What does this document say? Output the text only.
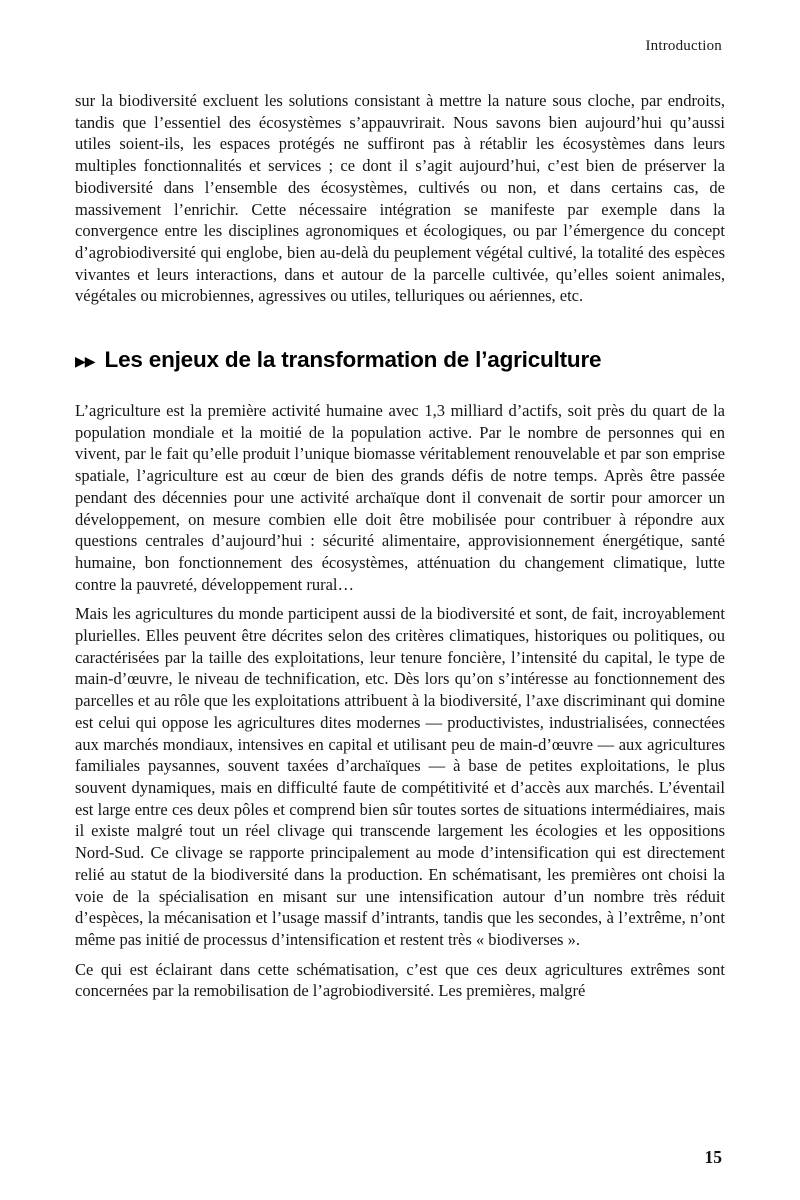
Introduction

sur la biodiversité excluent les solutions consistant à mettre la nature sous cloche, par endroits, tandis que l’essentiel des écosystèmes s’appauvrirait. Nous savons bien aujourd’hui qu’aussi utiles soient-ils, les espaces protégés ne suffiront pas à rétablir les écosystèmes dans leurs multiples fonctionnalités et services ; ce dont il s’agit aujourd’hui, c’est bien de préserver la biodiversité dans l’ensemble des écosystèmes, cultivés ou non, et dans certains cas, de massivement l’enrichir. Cette nécessaire intégration se manifeste par exemple dans la convergence entre les disciplines agronomiques et écologiques, ou par l’émergence du concept d’agrobiodiversité qui englobe, bien au-delà du peuplement végétal cultivé, la totalité des espèces vivantes et leurs interactions, dans et autour de la parcelle cultivée, qu’elles soient animales, végétales ou microbiennes, agressives ou utiles, telluriques ou aériennes, etc.

▶▶ Les enjeux de la transformation de l’agriculture

L’agriculture est la première activité humaine avec 1,3 milliard d’actifs, soit près du quart de la population mondiale et la moitié de la population active. Par le nombre de personnes qui en vivent, par le fait qu’elle produit l’unique biomasse véritablement renouvelable et par son emprise spatiale, l’agriculture est au cœur de bien des grands défis de notre temps. Après être passée pendant des décennies pour une activité archaïque dont il convenait de sortir pour amorcer un développement, on mesure combien elle doit être mobilisée pour contribuer à répondre aux questions centrales d’aujourd’hui : sécurité alimentaire, approvisionnement énergétique, santé humaine, bon fonctionnement des écosystèmes, atténuation du changement climatique, lutte contre la pauvreté, développement rural…

Mais les agricultures du monde participent aussi de la biodiversité et sont, de fait, incroyablement plurielles. Elles peuvent être décrites selon des critères climatiques, historiques ou politiques, ou caractérisées par la taille des exploitations, leur tenure foncière, l’intensité du capital, le type de main-d’œuvre, le niveau de technification, etc. Dès lors qu’on s’intéresse au fonctionnement des parcelles et au rôle que les exploitations attribuent à la biodiversité, l’axe discriminant qui domine est celui qui oppose les agricultures dites modernes — productivistes, industrialisées, connectées aux marchés mondiaux, intensives en capital et utilisant peu de main-d’œuvre — aux agricultures familiales paysannes, souvent taxées d’archaïques — à base de petites exploitations, le plus souvent dynamiques, mais en difficulté faute de compétitivité et d’accès aux marchés. L’éventail est large entre ces deux pôles et comprend bien sûr toutes sortes de situations intermédiaires, mais il existe malgré tout un réel clivage qui transcende largement les écologies et les oppositions Nord-Sud. Ce clivage se rapporte principalement au mode d’intensification qui est directement relié au statut de la biodiversité dans la production. En schématisant, les premières ont choisi la voie de la spécialisation en misant sur une intensification autour d’un nombre très réduit d’espèces, la mécanisation et l’usage massif d’intrants, tandis que les secondes, à l’extrême, n’ont même pas initié de processus d’intensification et restent très « biodiverses ».

Ce qui est éclairant dans cette schématisation, c’est que ces deux agricultures extrêmes sont concernées par la remobilisation de l’agrobiodiversité. Les premières, malgré

15
